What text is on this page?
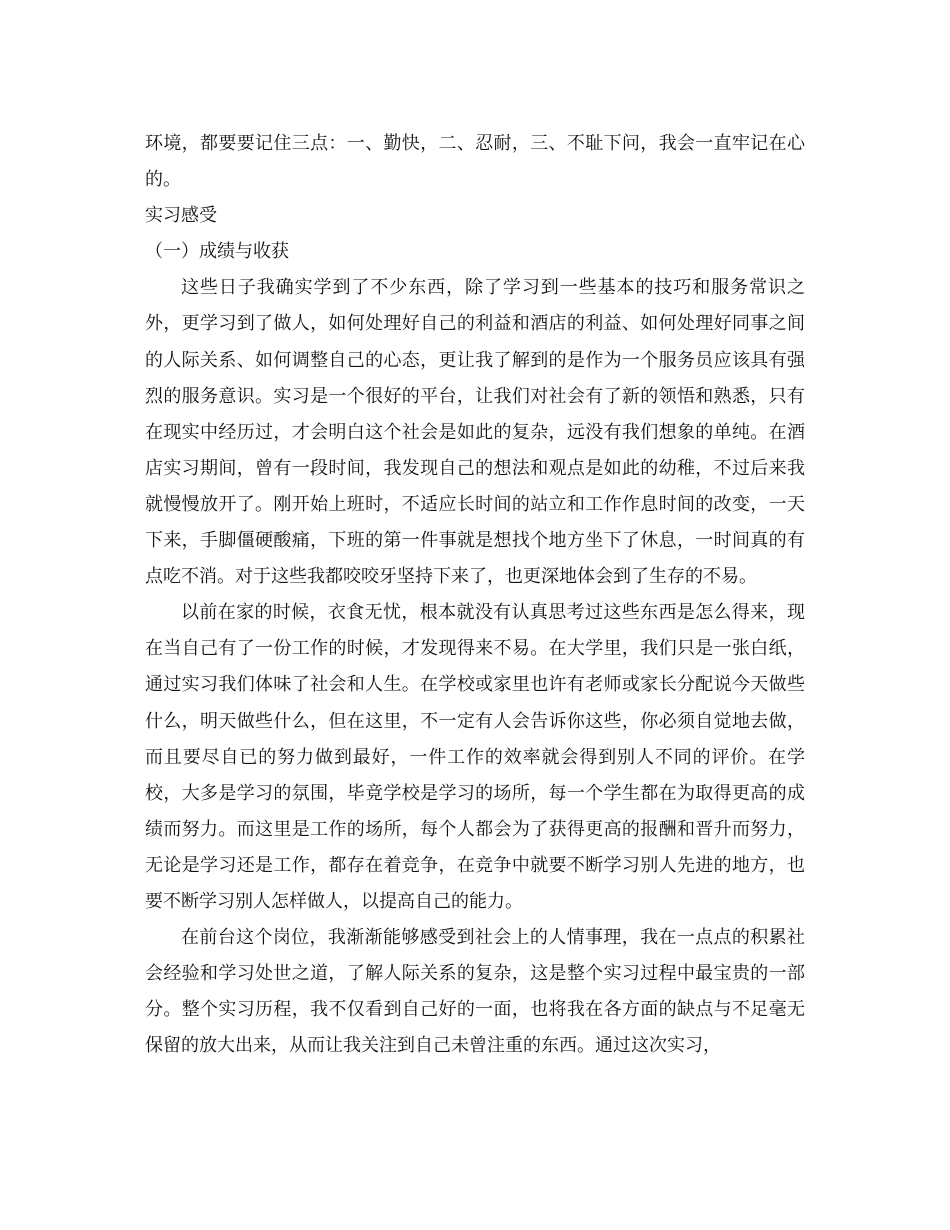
环境，都要要记住三点：一、勤快，二、忍耐，三、不耻下问，我会一直牢记在心的。

实习感受

（一）成绩与收获

这些日子我确实学到了不少东西，除了学习到一些基本的技巧和服务常识之外，更学习到了做人，如何处理好自己的利益和酒店的利益、如何处理好同事之间的人际关系、如何调整自己的心态，更让我了解到的是作为一个服务员应该具有强烈的服务意识。实习是一个很好的平台，让我们对社会有了新的领悟和熟悉，只有在现实中经历过，才会明白这个社会是如此的复杂，远没有我们想象的单纯。在酒店实习期间，曾有一段时间，我发现自己的想法和观点是如此的幼稚，不过后来我就慢慢放开了。刚开始上班时，不适应长时间的站立和工作作息时间的改变，一天下来，手脚僵硬酸痛，下班的第一件事就是想找个地方坐下了休息，一时间真的有点吃不消。对于这些我都咬咬牙坚持下来了，也更深地体会到了生存的不易。

以前在家的时候，衣食无忧，根本就没有认真思考过这些东西是怎么得来，现在当自己有了一份工作的时候，才发现得来不易。在大学里，我们只是一张白纸，通过实习我们体味了社会和人生。在学校或家里也许有老师或家长分配说今天做些什么，明天做些什么，但在这里，不一定有人会告诉你这些，你必须自觉地去做，而且要尽自已的努力做到最好，一件工作的效率就会得到别人不同的评价。在学校，大多是学习的氛围，毕竟学校是学习的场所，每一个学生都在为取得更高的成绩而努力。而这里是工作的场所，每个人都会为了获得更高的报酬和晋升而努力，无论是学习还是工作，都存在着竞争，在竞争中就要不断学习别人先进的地方，也要不断学习别人怎样做人，以提高自己的能力。

在前台这个岗位，我渐渐能够感受到社会上的人情事理，我在一点点的积累社会经验和学习处世之道，了解人际关系的复杂，这是整个实习过程中最宝贵的一部分。整个实习历程，我不仅看到自己好的一面，也将我在各方面的缺点与不足毫无保留的放大出来，从而让我关注到自己未曾注重的东西。通过这次实习，
